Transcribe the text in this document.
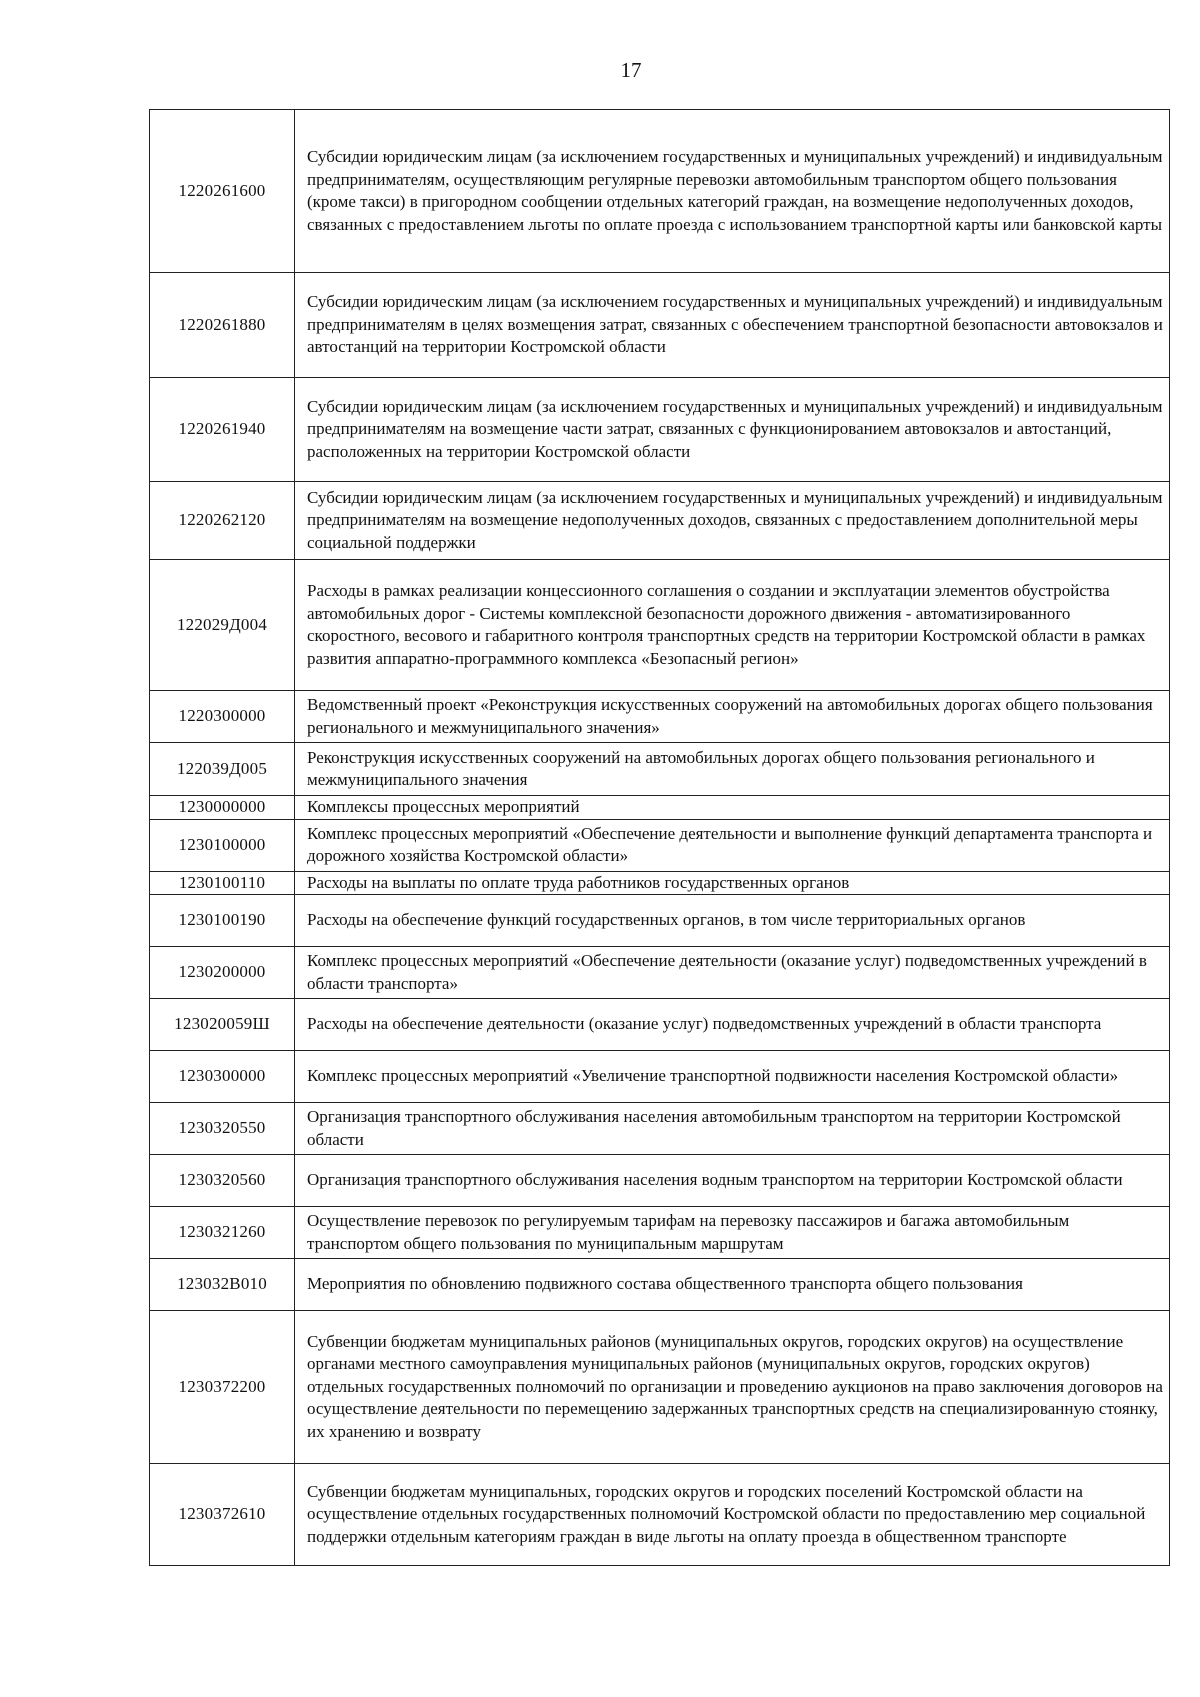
17
1220261600	Субсидии юридическим лицам (за исключением государственных и муниципальных учреждений) и индивидуальным предпринимателям, осуществляющим регулярные перевозки автомобильным транспортом общего пользования (кроме такси) в пригородном сообщении отдельных категорий граждан, на возмещение недополученных доходов, связанных с предоставлением льготы по оплате проезда с использованием транспортной карты или банковской карты
1220261880	Субсидии юридическим лицам (за исключением государственных и муниципальных учреждений) и индивидуальным предпринимателям в целях возмещения затрат, связанных с обеспечением транспортной безопасности автовокзалов и автостанций на территории Костромской области
1220261940	Субсидии юридическим лицам (за исключением государственных и муниципальных учреждений) и индивидуальным предпринимателям на возмещение части затрат, связанных с функционированием автовокзалов и автостанций, расположенных на территории Костромской области
1220262120	Субсидии юридическим лицам (за исключением государственных и муниципальных учреждений) и индивидуальным предпринимателям на возмещение недополученных доходов, связанных с предоставлением дополнительной меры социальной поддержки
122029Д004	Расходы в рамках реализации концессионного соглашения о создании и эксплуатации элементов обустройства автомобильных дорог - Системы комплексной безопасности дорожного движения - автоматизированного скоростного, весового и габаритного контроля транспортных средств на территории Костромской области в рамках развития аппаратно-программного комплекса «Безопасный регион»
1220300000	Ведомственный проект «Реконструкция искусственных сооружений на автомобильных дорогах общего пользования регионального и межмуниципального значения»
122039Д005	Реконструкция искусственных сооружений на автомобильных дорогах общего пользования регионального и межмуниципального значения
1230000000	Комплексы процессных мероприятий
1230100000	Комплекс процессных мероприятий «Обеспечение деятельности и выполнение функций департамента транспорта и дорожного хозяйства Костромской области»
1230100110	Расходы на выплаты по оплате труда работников государственных органов
1230100190	Расходы на обеспечение функций государственных органов, в том числе территориальных органов
1230200000	Комплекс процессных мероприятий «Обеспечение деятельности (оказание услуг) подведомственных учреждений в области транспорта»
123020059Ш	Расходы на обеспечение деятельности (оказание услуг) подведомственных учреждений в области транспорта
1230300000	Комплекс процессных мероприятий «Увеличение транспортной подвижности населения Костромской области»
1230320550	Организация транспортного обслуживания населения автомобильным транспортом на территории Костромской области
1230320560	Организация транспортного обслуживания населения водным транспортом на территории Костромской области
1230321260	Осуществление перевозок по регулируемым тарифам на перевозку пассажиров и багажа автомобильным транспортом общего пользования по муниципальным маршрутам
123032В010	Мероприятия по обновлению подвижного состава общественного транспорта общего пользования
1230372200	Субвенции бюджетам муниципальных районов (муниципальных округов, городских округов) на осуществление органами местного самоуправления муниципальных районов (муниципальных округов, городских округов) отдельных государственных полномочий по организации и проведению аукционов на право заключения договоров на осуществление деятельности по перемещению задержанных транспортных средств на специализированную стоянку, их хранению и возврату
1230372610	Субвенции бюджетам муниципальных, городских округов и городских поселений Костромской области на осуществление отдельных государственных полномочий Костромской области по предоставлению мер социальной поддержки отдельным категориям граждан в виде льготы на оплату проезда в общественном транспорте
